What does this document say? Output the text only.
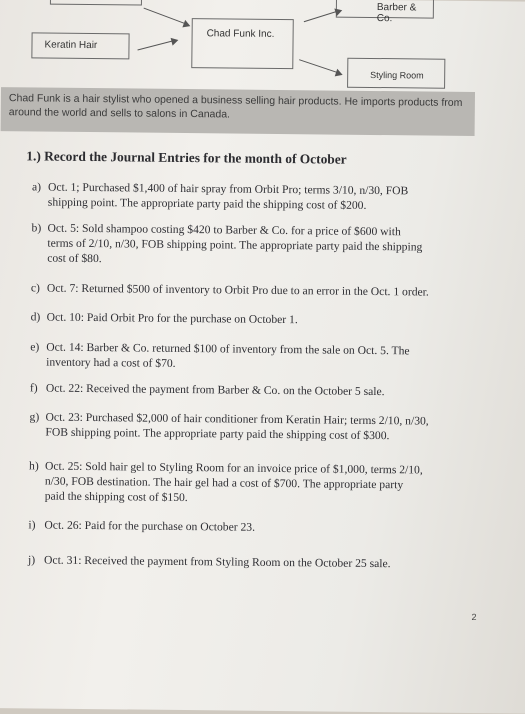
Keratin Hair
Chad Funk Inc.
Barber & Co.
Styling Room
Chad Funk is a hair stylist who opened a business selling hair products. He imports products from around the world and sells to salons in Canada.
1.) Record the Journal Entries for the month of October
a) Oct. 1; Purchased $1,400 of hair spray from Orbit Pro; terms 3/10, n/30, FOB
shipping point. The appropriate party paid the shipping cost of $200.
b) Oct. 5: Sold shampoo costing $420 to Barber & Co. for a price of $600 with
terms of 2/10, n/30, FOB shipping point. The appropriate party paid the shipping
cost of $80.
c) Oct. 7: Returned $500 of inventory to Orbit Pro due to an error in the Oct. 1 order.
d) Oct. 10: Paid Orbit Pro for the purchase on October 1.
e) Oct. 14: Barber & Co. returned $100 of inventory from the sale on Oct. 5. The
inventory had a cost of $70.
f) Oct. 22: Received the payment from Barber & Co. on the October 5 sale.
g) Oct. 23: Purchased $2,000 of hair conditioner from Keratin Hair; terms 2/10, n/30,
FOB shipping point. The appropriate party paid the shipping cost of $300.
h) Oct. 25: Sold hair gel to Styling Room for an invoice price of $1,000, terms 2/10,
n/30, FOB destination. The hair gel had a cost of $700. The appropriate party
paid the shipping cost of $150.
i) Oct. 26: Paid for the purchase on October 23.
j) Oct. 31: Received the payment from Styling Room on the October 25 sale.
2
